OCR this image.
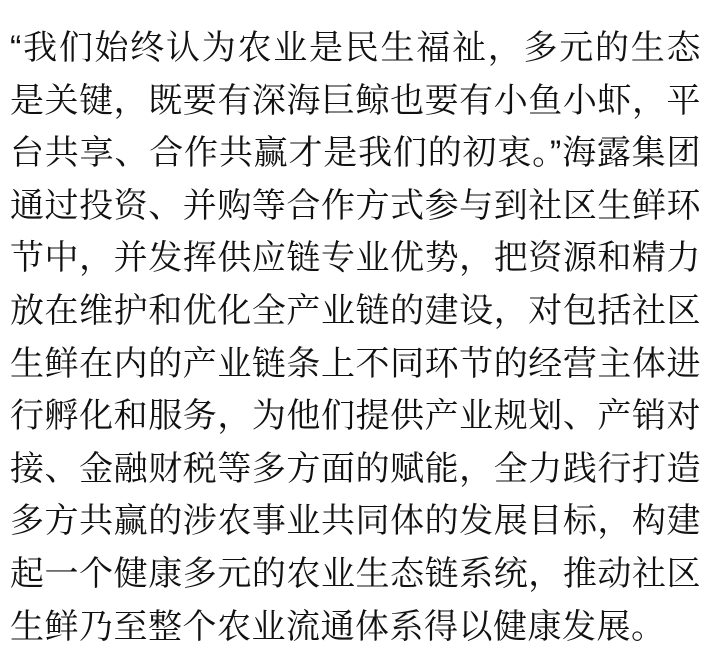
“我们始终认为农业是民生福祉，多元的生态是关键，既要有深海巨鲸也要有小鱼小虾，平台共享、合作共赢才是我们的初衷。”海露集团通过投资、并购等合作方式参与到社区生鲜环节中，并发挥供应链专业优势，把资源和精力放在维护和优化全产业链的建设，对包括社区生鲜在内的产业链条上不同环节的经营主体进行孵化和服务，为他们提供产业规划、产销对接、金融财税等多方面的赋能，全力践行打造多方共赢的涉农事业共同体的发展目标，构建起一个健康多元的农业生态链系统，推动社区生鲜乃至整个农业流通体系得以健康发展。
